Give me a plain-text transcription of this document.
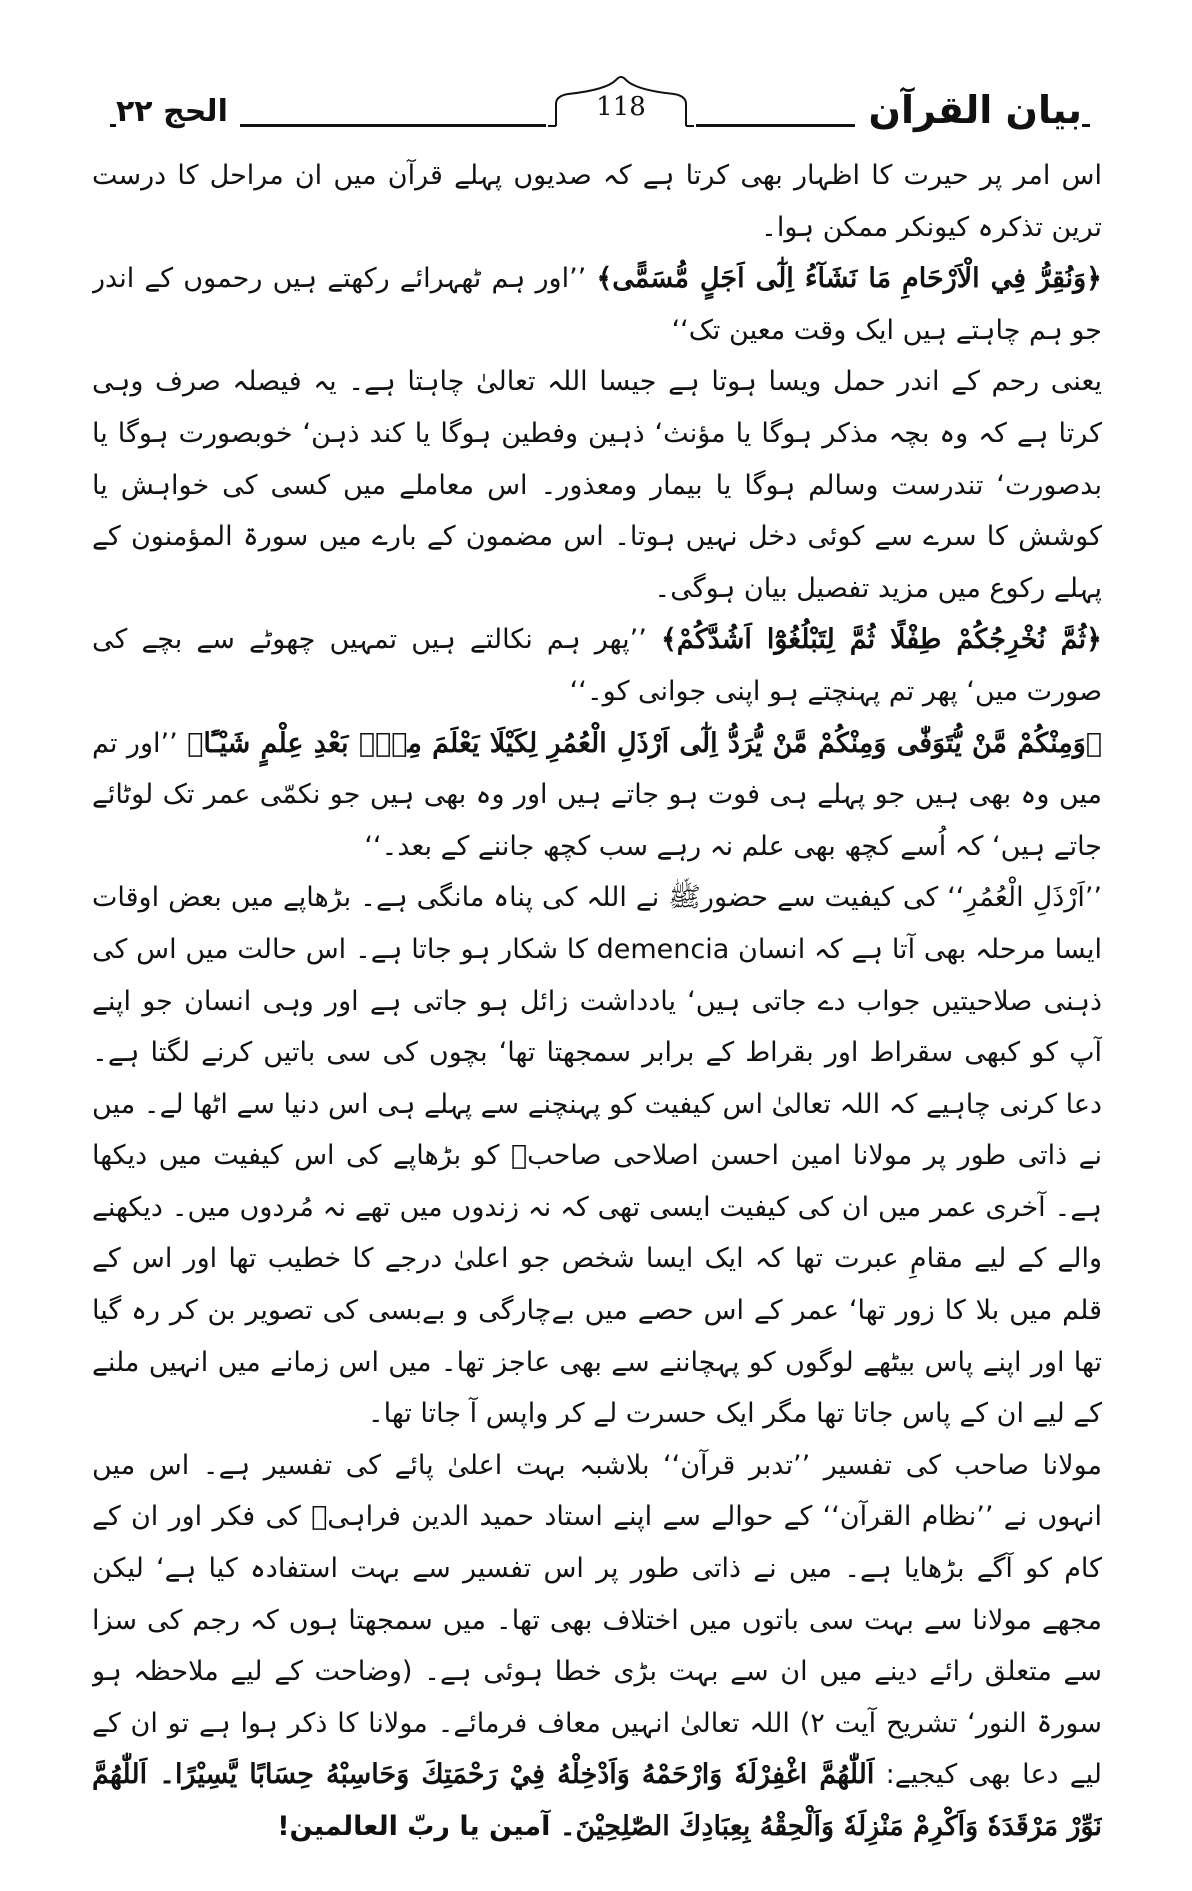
بیان القرآن
118
الحج ۲۲

اس امر پر حیرت کا اظہار بھی کرتا ہے کہ صدیوں پہلے قرآن میں ان مراحل کا درست ترین تذکرہ کیونکر ممکن ہوا۔

﴿وَنُقِرُّ فِي الْاَرْحَامِ مَا نَشَآءُ اِلٰٓى اَجَلٍ مُّسَمًّى﴾ ’’اور ہم ٹھہرائے رکھتے ہیں رحموں کے اندر جو ہم چاہتے ہیں ایک وقت معین تک‘‘

یعنی رحم کے اندر حمل ویسا ہوتا ہے جیسا اللہ تعالیٰ چاہتا ہے۔ یہ فیصلہ صرف وہی کرتا ہے کہ وہ بچہ مذکر ہوگا یا مؤنث‘ ذہین وفطین ہوگا یا کند ذہن‘ خوبصورت ہوگا یا بدصورت‘ تندرست وسالم ہوگا یا بیمار ومعذور۔ اس معاملے میں کسی کی خواہش یا کوشش کا سرے سے کوئی دخل نہیں ہوتا۔ اس مضمون کے بارے میں سورۃ المؤمنون کے پہلے رکوع میں مزید تفصیل بیان ہوگی۔

﴿ثُمَّ نُخْرِجُكُمْ طِفْلًا ثُمَّ لِتَبْلُغُوْٓا اَشُدَّكُمْ﴾ ’’پھر ہم نکالتے ہیں تمہیں چھوٹے سے بچے کی صورت میں‘ پھر تم پہنچتے ہو اپنی جوانی کو۔‘‘

﴿وَمِنْكُمْ مَّنْ يُّتَوَفّٰى وَمِنْكُمْ مَّنْ يُّرَدُّ اِلٰٓى اَرْذَلِ الْعُمُرِ لِكَيْلَا يَعْلَمَ مِنْۢ بَعْدِ عِلْمٍ شَيْـًٔا﴾ ’’اور تم میں وہ بھی ہیں جو پہلے ہی فوت ہو جاتے ہیں اور وہ بھی ہیں جو نکمّی عمر تک لوٹائے جاتے ہیں‘ کہ اُسے کچھ بھی علم نہ رہے سب کچھ جاننے کے بعد۔‘‘

’’اَرْذَلِ الْعُمُرِ‘‘ کی کیفیت سے حضورﷺ نے اللہ کی پناہ مانگی ہے۔ بڑھاپے میں بعض اوقات ایسا مرحلہ بھی آتا ہے کہ انسان demencia کا شکار ہو جاتا ہے۔ اس حالت میں اس کی ذہنی صلاحیتیں جواب دے جاتی ہیں‘ یادداشت زائل ہو جاتی ہے اور وہی انسان جو اپنے آپ کو کبھی سقراط اور بقراط کے برابر سمجھتا تھا‘ بچوں کی سی باتیں کرنے لگتا ہے۔ دعا کرنی چاہیے کہ اللہ تعالیٰ اس کیفیت کو پہنچنے سے پہلے ہی اس دنیا سے اٹھا لے۔ میں نے ذاتی طور پر مولانا امین احسن اصلاحی صاحبؒ کو بڑھاپے کی اس کیفیت میں دیکھا ہے۔ آخری عمر میں ان کی کیفیت ایسی تھی کہ نہ زندوں میں تھے نہ مُردوں میں۔ دیکھنے والے کے لیے مقامِ عبرت تھا کہ ایک ایسا شخص جو اعلیٰ درجے کا خطیب تھا اور اس کے قلم میں بلا کا زور تھا‘ عمر کے اس حصے میں بےچارگی و بےبسی کی تصویر بن کر رہ گیا تھا اور اپنے پاس بیٹھے لوگوں کو پہچاننے سے بھی عاجز تھا۔ میں اس زمانے میں انہیں ملنے کے لیے ان کے پاس جاتا تھا مگر ایک حسرت لے کر واپس آ جاتا تھا۔

مولانا صاحب کی تفسیر ’’تدبر قرآن‘‘ بلاشبہ بہت اعلیٰ پائے کی تفسیر ہے۔ اس میں انہوں نے ’’نظام القرآن‘‘ کے حوالے سے اپنے استاد حمید الدین فراہیؒ کی فکر اور ان کے کام کو آگے بڑھایا ہے۔ میں نے ذاتی طور پر اس تفسیر سے بہت استفادہ کیا ہے‘ لیکن مجھے مولانا سے بہت سی باتوں میں اختلاف بھی تھا۔ میں سمجھتا ہوں کہ رجم کی سزا سے متعلق رائے دینے میں ان سے بہت بڑی خطا ہوئی ہے۔ (وضاحت کے لیے ملاحظہ ہو سورۃ النور‘ تشریح آیت ۲) اللہ تعالیٰ انہیں معاف فرمائے۔ مولانا کا ذکر ہوا ہے تو ان کے لیے دعا بھی کیجیے: اَللّٰھُمَّ اغْفِرْلَهٗ وَارْحَمْهُ وَاَدْخِلْهُ فِيْ رَحْمَتِكَ وَحَاسِبْهُ حِسَابًا يَّسِيْرًا۔ اَللّٰھُمَّ نَوِّرْ مَرْقَدَهٗ وَاَكْرِمْ مَنْزِلَهٗ وَاَلْحِقْهُ بِعِبَادِكَ الصّٰلِحِيْنَ۔ آمین یا ربّ العالمین!
